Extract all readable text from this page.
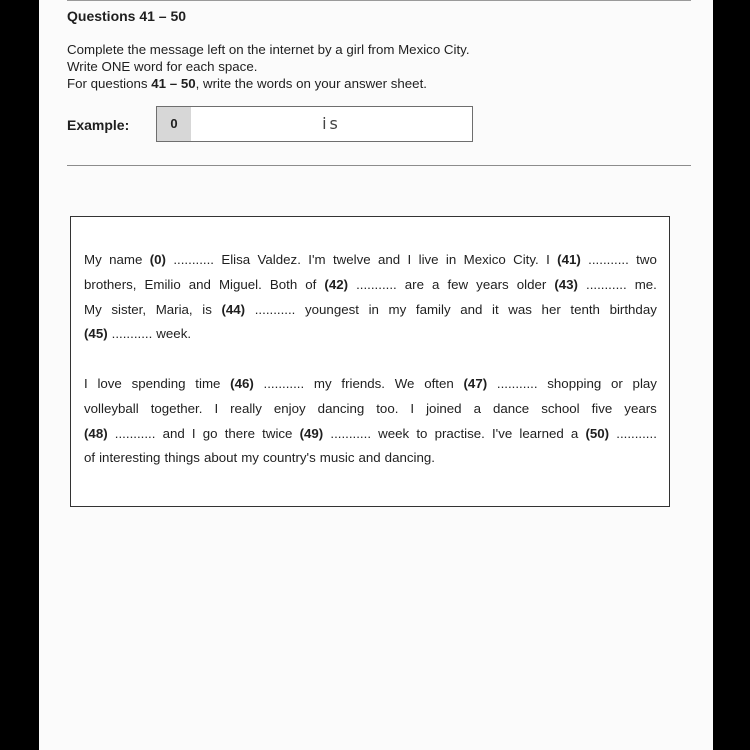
Questions 41 – 50
Complete the message left on the internet by a girl from Mexico City.
Write ONE word for each space.
For questions 41 – 50, write the words on your answer sheet.
Example:	0	is
My name (0) ........... Elisa Valdez. I'm twelve and I live in Mexico City. I (41) ........... two
brothers, Emilio and Miguel. Both of (42) ........... are a few years older (43) ........... me.
My sister, Maria, is (44) ........... youngest in my family and it was her tenth birthday
(45) ........... week.
I love spending time (46) ........... my friends. We often (47) ........... shopping or play
volleyball together. I really enjoy dancing too. I joined a dance school five years
(48) ........... and I go there twice (49) ........... week to practise. I've learned a (50) ...........
of interesting things about my country's music and dancing.
